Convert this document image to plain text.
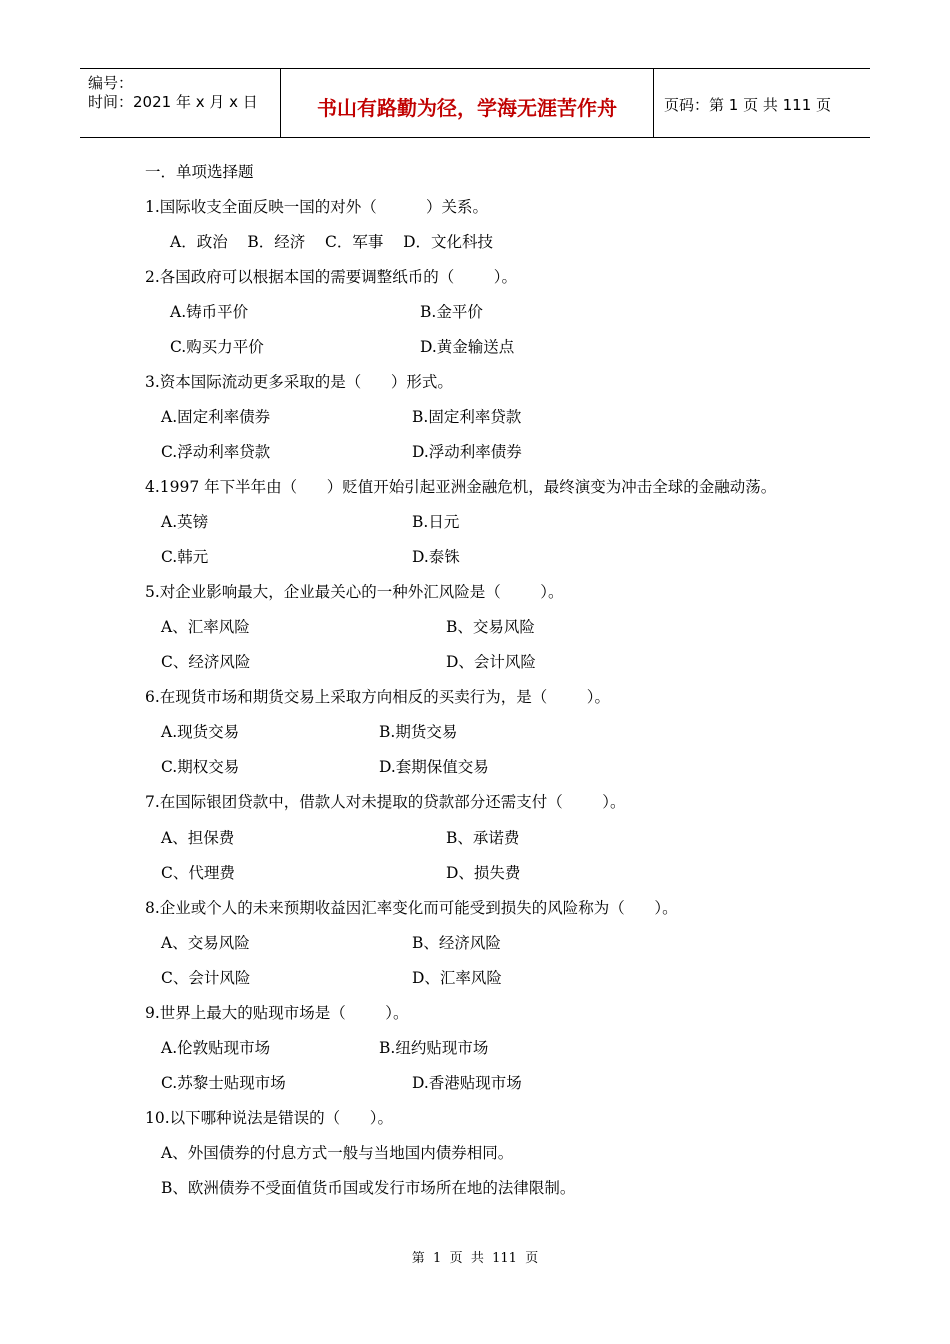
编号：
时间：2021 年 x 月 x 日	书山有路勤为径，学海无涯苦作舟	页码：第 1 页 共 111 页
一．单项选择题
1.国际收支全面反映一国的对外（          ）关系。
A．政治    B．经济    C．军事    D．文化科技
2.各国政府可以根据本国的需要调整纸币的（        ）。
A.铸币平价	B.金平价
C.购买力平价	D.黄金输送点
3.资本国际流动更多采取的是（      ）形式。
A.固定利率债券	B.固定利率贷款
C.浮动利率贷款	D.浮动利率债券
4.1997 年下半年由（      ）贬值开始引起亚洲金融危机，最终演变为冲击全球的金融动荡。
A.英镑	B.日元
C.韩元	D.泰铢
5.对企业影响最大，企业最关心的一种外汇风险是（        ）。
A、汇率风险	B、交易风险
C、经济风险	D、会计风险
6.在现货市场和期货交易上采取方向相反的买卖行为，是（        ）。
A.现货交易	B.期货交易
C.期权交易	D.套期保值交易
7.在国际银团贷款中，借款人对未提取的贷款部分还需支付（        ）。
A、担保费	B、承诺费
C、代理费	D、损失费
8.企业或个人的未来预期收益因汇率变化而可能受到损失的风险称为（      ）。
A、交易风险	B、经济风险
C、会计风险	D、汇率风险
9.世界上最大的贴现市场是（        ）。
A.伦敦贴现市场	B.纽约贴现市场
C.苏黎士贴现市场	D.香港贴现市场
10.以下哪种说法是错误的（      ）。
A、外国债券的付息方式一般与当地国内债券相同。
B、欧洲债券不受面值货币国或发行市场所在地的法律限制。
第  1  页  共  111  页
